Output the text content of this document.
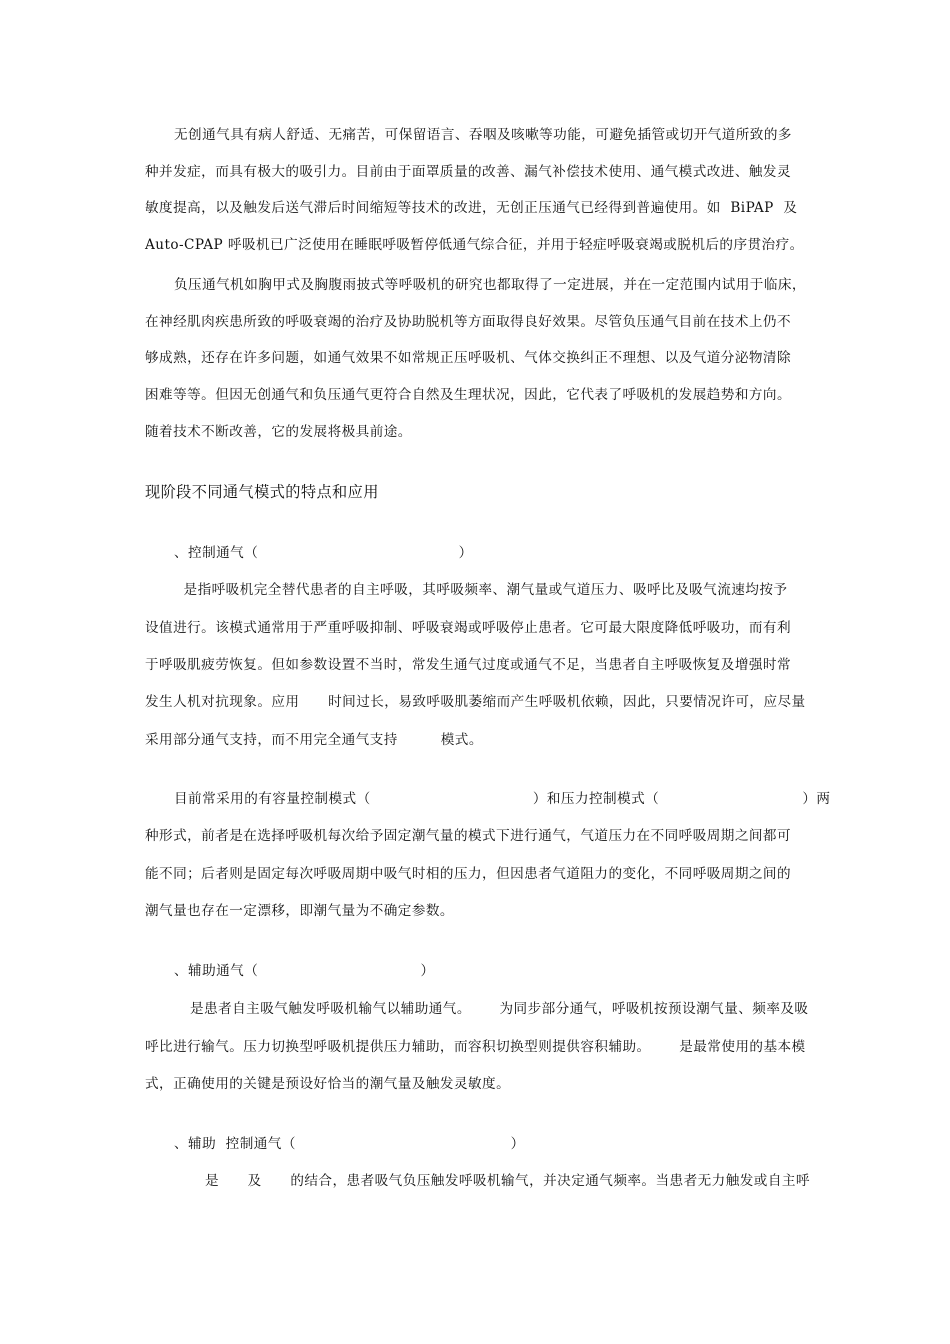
无创通气具有病人舒适、无痛苦，可保留语言、吞咽及咳嗽等功能，可避免插管或切开气道所致的多
种并发症，而具有极大的吸引力。目前由于面罩质量的改善、漏气补偿技术使用、通气模式改进、触发灵
敏度提高，以及触发后送气滞后时间缩短等技术的改进，无创正压通气已经得到普遍使用。如  BiPAP  及
Auto-CPAP 呼吸机已广泛使用在睡眠呼吸暂停低通气综合征，并用于轻症呼吸衰竭或脱机后的序贯治疗。
负压通气机如胸甲式及胸腹雨披式等呼吸机的研究也都取得了一定进展，并在一定范围内试用于临床，
在神经肌肉疾患所致的呼吸衰竭的治疗及协助脱机等方面取得良好效果。尽管负压通气目前在技术上仍不
够成熟，还存在许多问题，如通气效果不如常规正压呼吸机、气体交换纠正不理想、以及气道分泌物清除
困难等等。但因无创通气和负压通气更符合自然及生理状况，因此，它代表了呼吸机的发展趋势和方向。
随着技术不断改善，它的发展将极具前途。
现阶段不同通气模式的特点和应用
、控制通气（                                          ）
是指呼吸机完全替代患者的自主呼吸，其呼吸频率、潮气量或气道压力、吸呼比及吸气流速均按予
设值进行。该模式通常用于严重呼吸抑制、呼吸衰竭或呼吸停止患者。它可最大限度降低呼吸功，而有利
于呼吸肌疲劳恢复。但如参数设置不当时，常发生通气过度或通气不足，当患者自主呼吸恢复及增强时常
发生人机对抗现象。应用      时间过长，易致呼吸肌萎缩而产生呼吸机依赖，因此，只要情况许可，应尽量
采用部分通气支持，而不用完全通气支持         模式。
目前常采用的有容量控制模式（                                  ）和压力控制模式（                              ）两
种形式，前者是在选择呼吸机每次给予固定潮气量的模式下进行通气，气道压力在不同呼吸周期之间都可
能不同；后者则是固定每次呼吸周期中吸气时相的压力，但因患者气道阻力的变化，不同呼吸周期之间的
潮气量也存在一定漂移，即潮气量为不确定参数。
、辅助通气（                                  ）
是患者自主吸气触发呼吸机输气以辅助通气。      为同步部分通气，呼吸机按预设潮气量、频率及吸
呼比进行输气。压力切换型呼吸机提供压力辅助，而容积切换型则提供容积辅助。      是最常使用的基本模
式，正确使用的关键是预设好恰当的潮气量及触发灵敏度。
、辅助  控制通气（                                             ）
是      及      的结合，患者吸气负压触发呼吸机输气，并决定通气频率。当患者无力触发或自主呼
